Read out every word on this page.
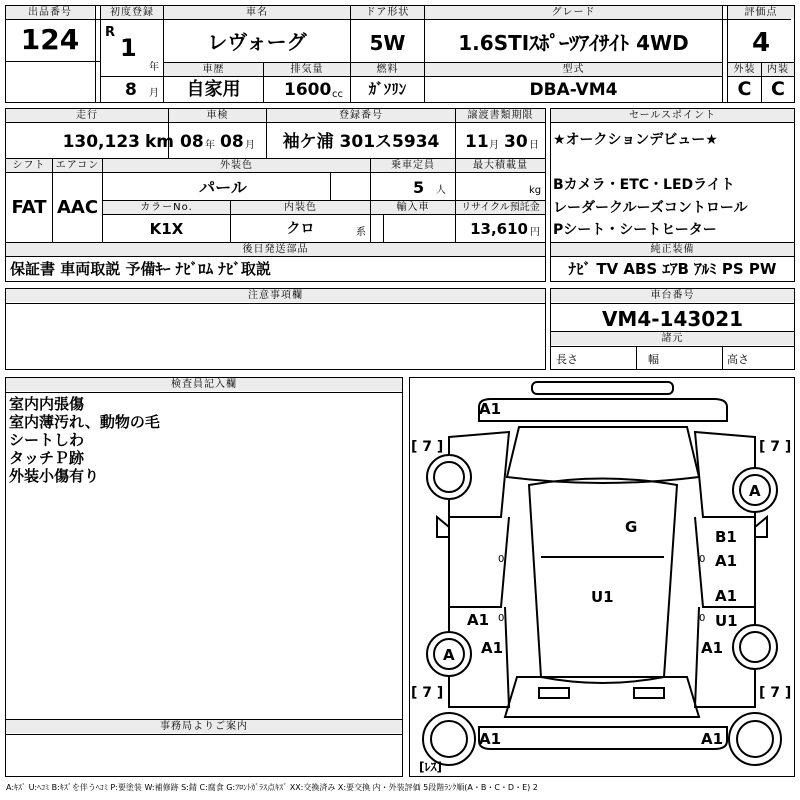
出品番号
124
初度登録
R
1
年
8 月
車名
レヴォーグ
ドア形状
5W
グレード
1.6STIｽﾎﾟｰﾂｱｲｻｲﾄ 4WD
評価点
4
車歴	排気量	燃料	型式
自家用	1600 cc	ｶﾞｿﾘﾝ	DBA-VM4
外装	内装
C	C
走行	車検	登録番号	譲渡書類期限
130,123 km 08 年 08 月	袖ケ浦 301ス5934	11 月 30 日
シフト	エアコン	外装色	乗車定員	最大積載量
FAT AAC
パール	5 人	kg
カラーNo.	内装色	輸入車	リサイクル預託金
K1X	クロ	系	13,610 円
後日発送部品
保証書 車両取説 予備ｷｰ ﾅﾋﾞﾛﾑ ﾅﾋﾞ取説
セールスポイント
★オークションデビュー★
Bカメラ・ETC・LEDライト
レーダークルーズコントロール
Pシート・シートヒーター
純正装備
ﾅﾋﾞ TV ABS ｴｱB ｱﾙﾐ PS PW
注意事項欄	車台番号
VM4-143021
諸元
長さ	幅	高さ
検査員記入欄
室内内張傷
室内薄汚れ、動物の毛
シートしわ
タッチＰ跡
外装小傷有り
事務局よりご案内
A1
G
B1
A1
U1
A1
A1
U1
A1	A1
A
A
A1	A1
0	0
0	0
[ 7 ]	[ 7 ]
[ 7 ]	[ 7 ]
[ﾚｽ]
A:ｷｽﾞ U:ﾍｺﾐ B:ｷｽﾞを伴うﾍｺﾐ P:要塗装 W:補修跡 S:錆 C:腐食 G:ﾌﾛﾝﾄｶﾞﾗｽ点ｷｽﾞ XX:交換済み X:要交換 内・外装評価 5段階ﾗﾝｸ順(A・B・C・D・E) 2
